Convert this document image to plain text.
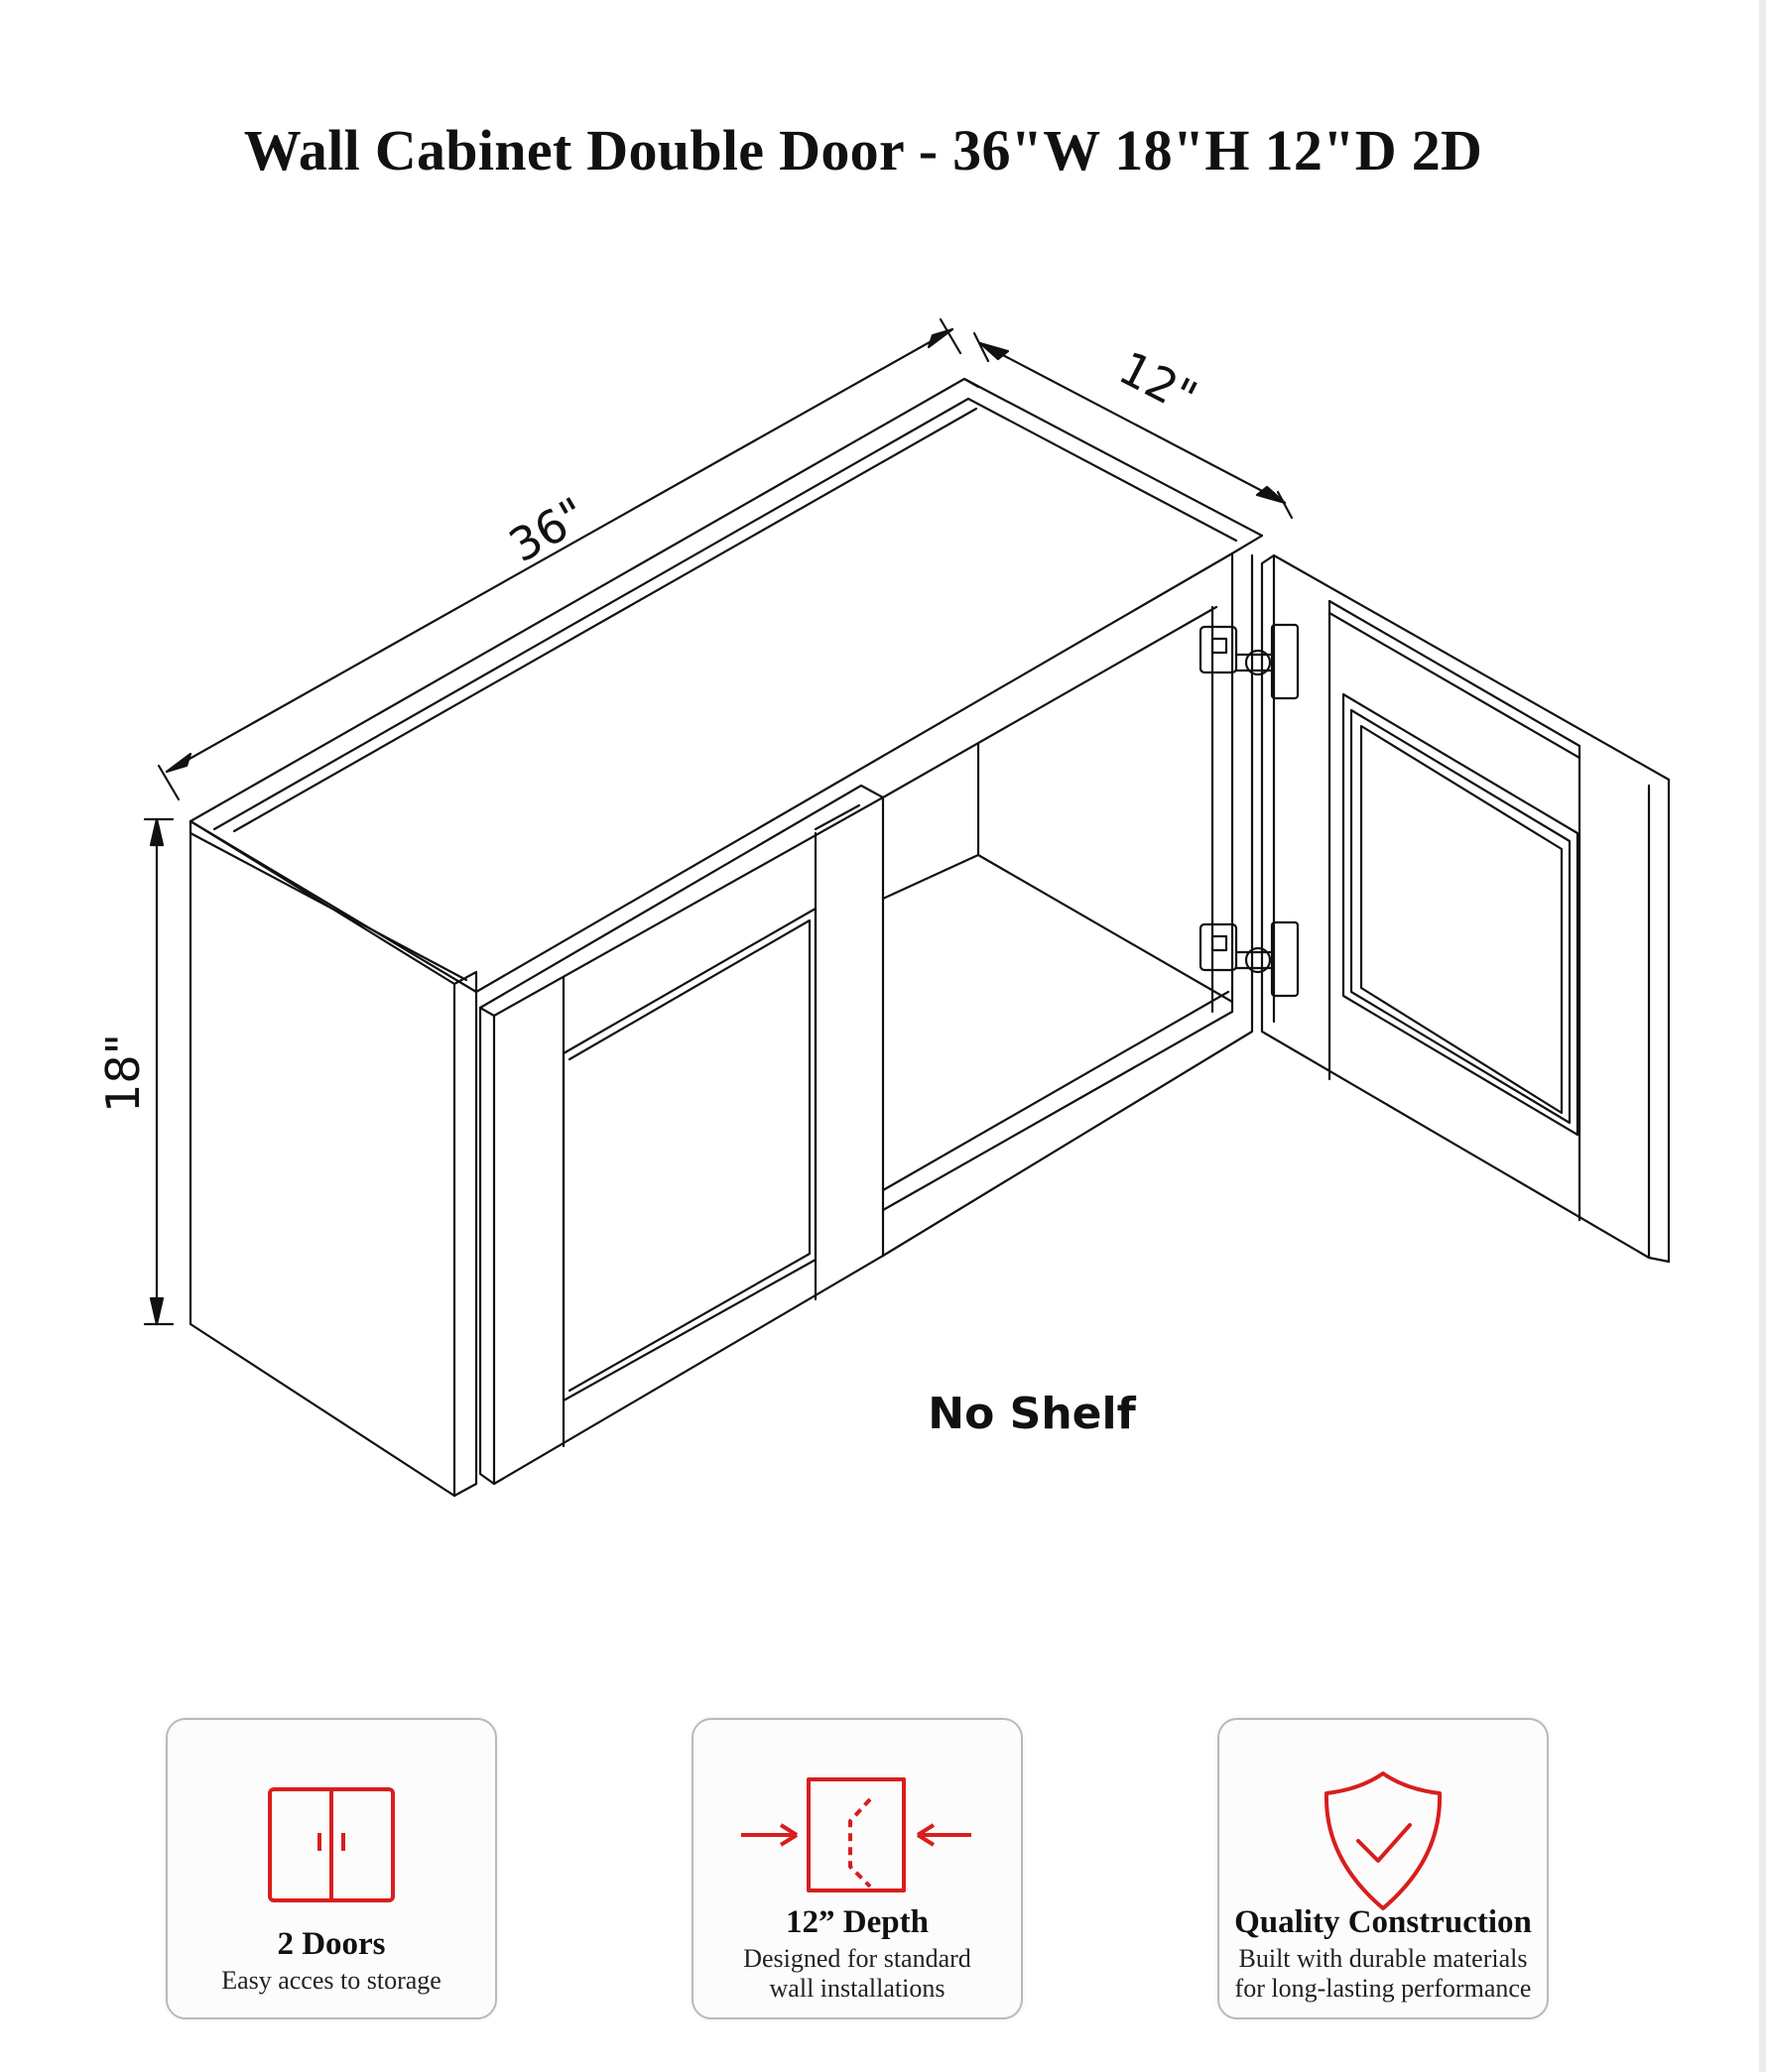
Wall Cabinet Double Door - 36"W 18"H 12"D 2D
36"
12"
18"
No Shelf
2 Doors
Easy acces to storage
12” Depth
Designed for standard
wall installations
Quality Construction
Built with durable materials
for long-lasting performance
